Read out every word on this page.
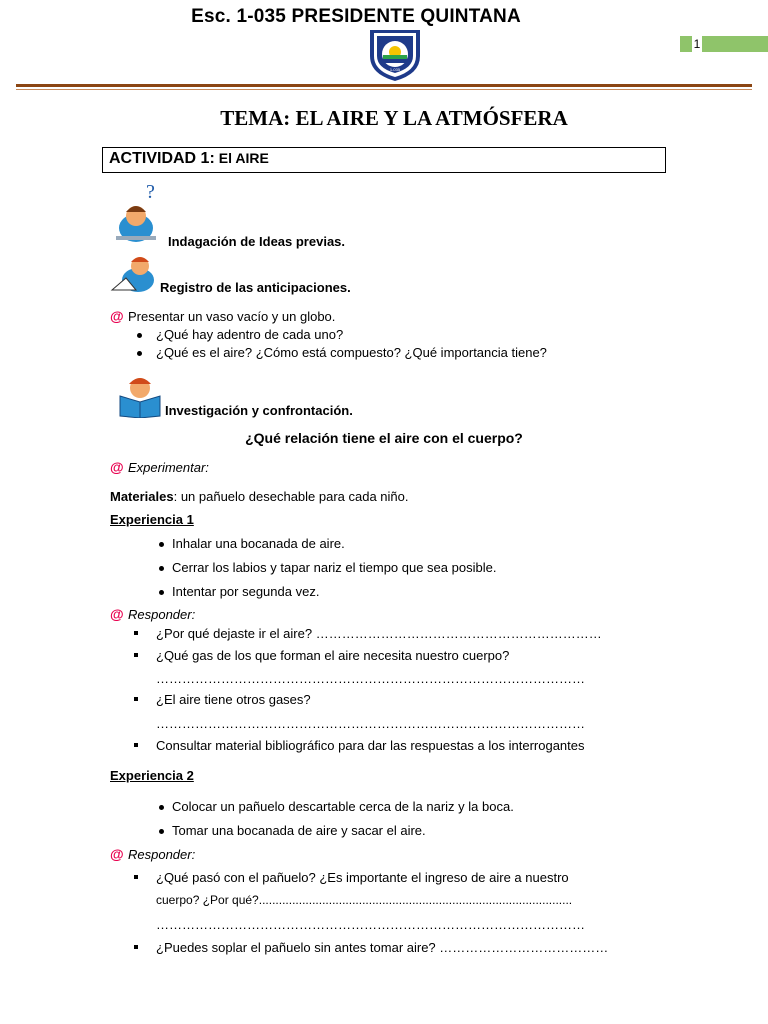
Esc. 1-035 PRESIDENTE QUINTANA
1
1-035
TEMA: EL AIRE Y LA ATMÓSFERA
ACTIVIDAD 1: El AIRE
?
Indagación de Ideas previas.
Registro de las anticipaciones.
@ Presentar un vaso vacío y un globo.
¿Qué hay adentro de cada uno?
¿Qué es el aire? ¿Cómo está compuesto? ¿Qué importancia tiene?
Investigación y confrontación.
¿Qué relación tiene el aire con el cuerpo?
@ Experimentar:
Materiales: un pañuelo desechable para cada niño.
Experiencia 1
Inhalar una bocanada de aire.
Cerrar los labios y tapar nariz el tiempo que sea posible.
Intentar por segunda vez.
@ Responder:
¿Por qué dejaste ir el aire? …………………………………………………………
¿Qué gas de los que forman el aire necesita nuestro cuerpo?
………………………………………………………………………………………
¿El aire tiene otros gases?
………………………………………………………………………………………
Consultar material bibliográfico para dar las respuestas a los interrogantes
Experiencia 2
Colocar un pañuelo descartable cerca de la nariz y la boca.
Tomar una bocanada de aire y sacar el aire.
@ Responder:
¿Qué pasó con el pañuelo? ¿Es importante el ingreso de aire a nuestro
cuerpo? ¿Por qué?..............................................................................................
………………………………………………………………………………………
¿Puedes soplar el pañuelo sin antes tomar aire? …………………………………
